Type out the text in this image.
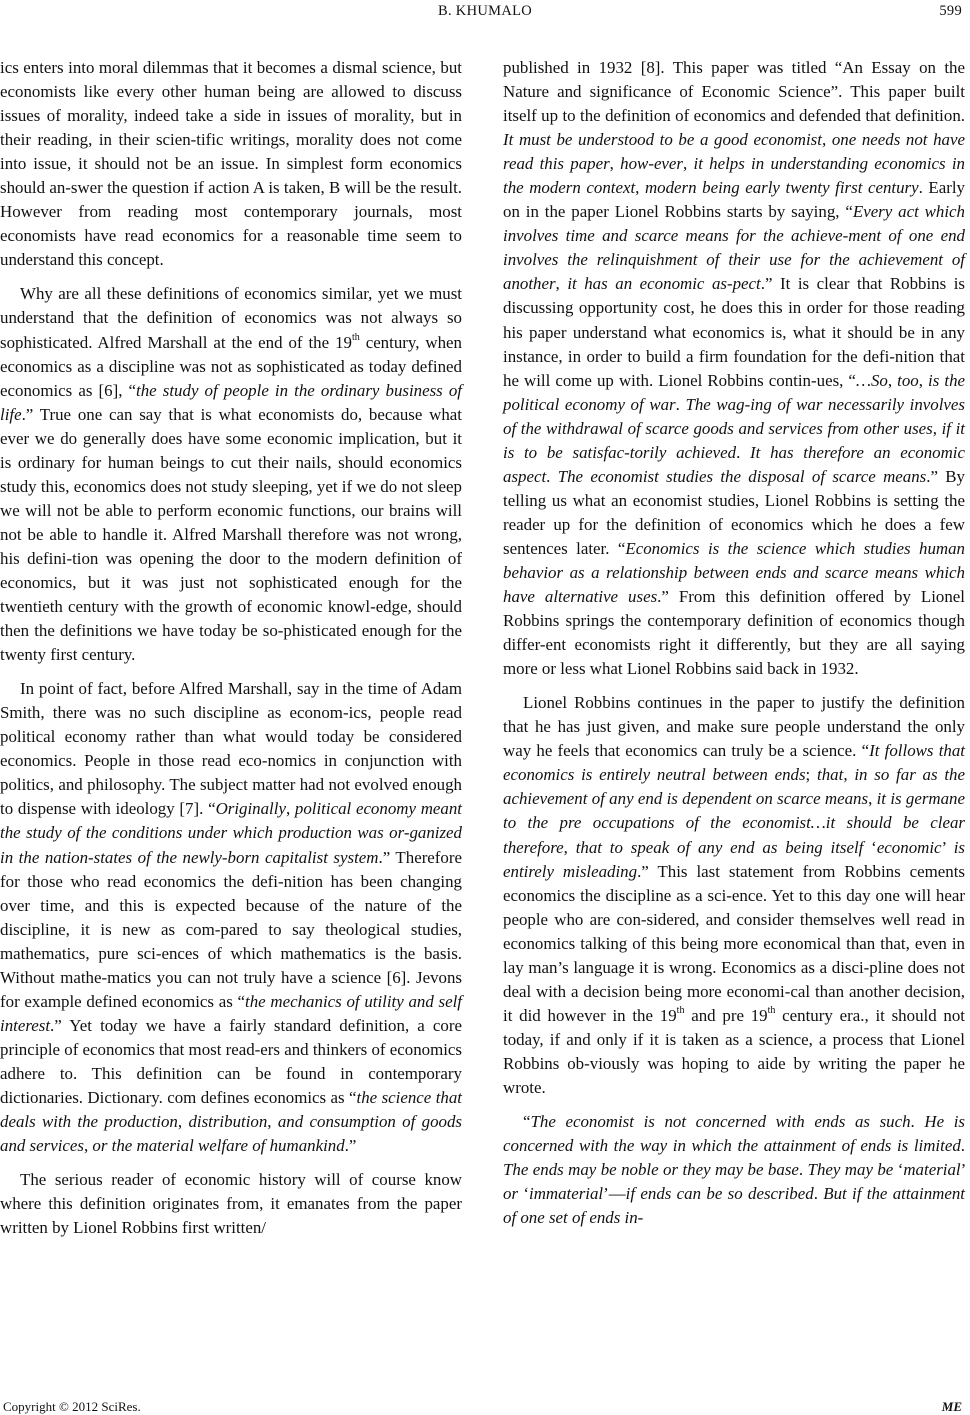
B. KHUMALO	599

ics enters into moral dilemmas that it becomes a dismal science, but economists like every other human being are allowed to discuss issues of morality, indeed take a side in issues of morality, but in their reading, in their scien-tific writings, morality does not come into issue, it should not be an issue. In simplest form economics should an-swer the question if action A is taken, B will be the result. However from reading most contemporary journals, most economists have read economics for a reasonable time seem to understand this concept.

Why are all these definitions of economics similar, yet we must understand that the definition of economics was not always so sophisticated. Alfred Marshall at the end of the 19th century, when economics as a discipline was not as sophisticated as today defined economics as [6], “the study of people in the ordinary business of life.” True one can say that is what economists do, because what ever we do generally does have some economic implication, but it is ordinary for human beings to cut their nails, should economics study this, economics does not study sleeping, yet if we do not sleep we will not be able to perform economic functions, our brains will not be able to handle it. Alfred Marshall therefore was not wrong, his defini-tion was opening the door to the modern definition of economics, but it was just not sophisticated enough for the twentieth century with the growth of economic knowl-edge, should then the definitions we have today be so-phisticated enough for the twenty first century.

In point of fact, before Alfred Marshall, say in the time of Adam Smith, there was no such discipline as econom-ics, people read political economy rather than what would today be considered economics. People in those read eco-nomics in conjunction with politics, and philosophy. The subject matter had not evolved enough to dispense with ideology [7]. “Originally, political economy meant the study of the conditions under which production was or-ganized in the nation-states of the newly-born capitalist system.” Therefore for those who read economics the defi-nition has been changing over time, and this is expected because of the nature of the discipline, it is new as com-pared to say theological studies, mathematics, pure sci-ences of which mathematics is the basis. Without mathe-matics you can not truly have a science [6]. Jevons for example defined economics as “the mechanics of utility and self interest.” Yet today we have a fairly standard definition, a core principle of economics that most read-ers and thinkers of economics adhere to. This definition can be found in contemporary dictionaries. Dictionary. com defines economics as “the science that deals with the production, distribution, and consumption of goods and services, or the material welfare of humankind.”

The serious reader of economic history will of course know where this definition originates from, it emanates from the paper written by Lionel Robbins first written/

published in 1932 [8]. This paper was titled “An Essay on the Nature and significance of Economic Science”. This paper built itself up to the definition of economics and defended that definition. It must be understood to be a good economist, one needs not have read this paper, how-ever, it helps in understanding economics in the modern context, modern being early twenty first century. Early on in the paper Lionel Robbins starts by saying, “Every act which involves time and scarce means for the achieve-ment of one end involves the relinquishment of their use for the achievement of another, it has an economic as-pect.” It is clear that Robbins is discussing opportunity cost, he does this in order for those reading his paper understand what economics is, what it should be in any instance, in order to build a firm foundation for the defi-nition that he will come up with. Lionel Robbins contin-ues, “…So, too, is the political economy of war. The wag-ing of war necessarily involves of the withdrawal of scarce goods and services from other uses, if it is to be satisfac-torily achieved. It has therefore an economic aspect. The economist studies the disposal of scarce means.” By telling us what an economist studies, Lionel Robbins is setting the reader up for the definition of economics which he does a few sentences later. “Economics is the science which studies human behavior as a relationship between ends and scarce means which have alternative uses.” From this definition offered by Lionel Robbins springs the contemporary definition of economics though differ-ent economists right it differently, but they are all saying more or less what Lionel Robbins said back in 1932.

Lionel Robbins continues in the paper to justify the definition that he has just given, and make sure people understand the only way he feels that economics can truly be a science. “It follows that economics is entirely neutral between ends; that, in so far as the achievement of any end is dependent on scarce means, it is germane to the pre occupations of the economist…it should be clear therefore, that to speak of any end as being itself ‘economic’ is entirely misleading.” This last statement from Robbins cements economics the discipline as a sci-ence. Yet to this day one will hear people who are con-sidered, and consider themselves well read in economics talking of this being more economical than that, even in lay man’s language it is wrong. Economics as a disci-pline does not deal with a decision being more economi-cal than another decision, it did however in the 19th and pre 19th century era., it should not today, if and only if it is taken as a science, a process that Lionel Robbins ob-viously was hoping to aide by writing the paper he wrote.

“The economist is not concerned with ends as such. He is concerned with the way in which the attainment of ends is limited. The ends may be noble or they may be base. They may be ‘material’ or ‘immaterial’—if ends can be so described. But if the attainment of one set of ends in-

Copyright © 2012 SciRes.	ME
